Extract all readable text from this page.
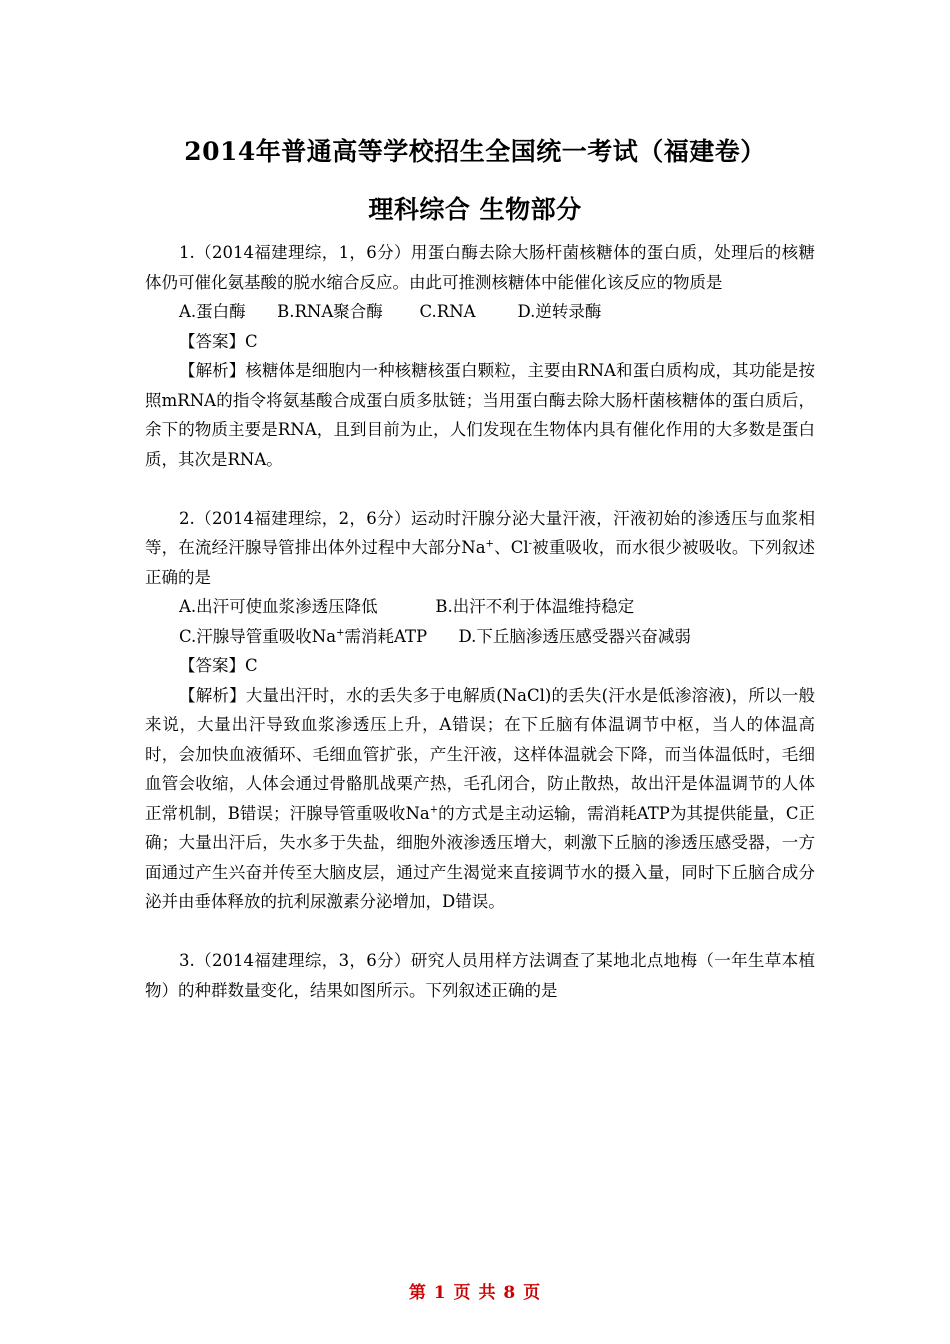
2014年普通高等学校招生全国统一考试（福建卷）
理科综合 生物部分

1.（2014福建理综，1，6分）用蛋白酶去除大肠杆菌核糖体的蛋白质，处理后的核糖体仍可催化氨基酸的脱水缩合反应。由此可推测核糖体中能催化该反应的物质是

A.蛋白酶      B.RNA聚合酶       C.RNA        D.逆转录酶

【答案】C

【解析】核糖体是细胞内一种核糖核蛋白颗粒，主要由RNA和蛋白质构成，其功能是按照mRNA的指令将氨基酸合成蛋白质多肽链；当用蛋白酶去除大肠杆菌核糖体的蛋白质后，余下的物质主要是RNA，且到目前为止，人们发现在生物体内具有催化作用的大多数是蛋白质，其次是RNA。

2.（2014福建理综，2，6分）运动时汗腺分泌大量汗液，汗液初始的渗透压与血浆相等，在流经汗腺导管排出体外过程中大部分Na+、Cl-被重吸收，而水很少被吸收。下列叙述正确的是

A.出汗可使血浆渗透压降低           B.出汗不利于体温维持稳定

C.汗腺导管重吸收Na+需消耗ATP      D.下丘脑渗透压感受器兴奋减弱

【答案】C

【解析】大量出汗时，水的丢失多于电解质(NaCl)的丢失(汗水是低渗溶液)，所以一般来说，大量出汗导致血浆渗透压上升，A错误；在下丘脑有体温调节中枢，当人的体温高时，会加快血液循环、毛细血管扩张，产生汗液，这样体温就会下降，而当体温低时，毛细血管会收缩，人体会通过骨骼肌战栗产热，毛孔闭合，防止散热，故出汗是体温调节的人体正常机制，B错误；汗腺导管重吸收Na+的方式是主动运输，需消耗ATP为其提供能量，C正确；大量出汗后，失水多于失盐，细胞外液渗透压增大，刺激下丘脑的渗透压感受器，一方面通过产生兴奋并传至大脑皮层，通过产生渴觉来直接调节水的摄入量，同时下丘脑合成分泌并由垂体释放的抗利尿激素分泌增加，D错误。

3.（2014福建理综，3，6分）研究人员用样方法调查了某地北点地梅（一年生草本植物）的种群数量变化，结果如图所示。下列叙述正确的是

第 1 页 共 8 页
